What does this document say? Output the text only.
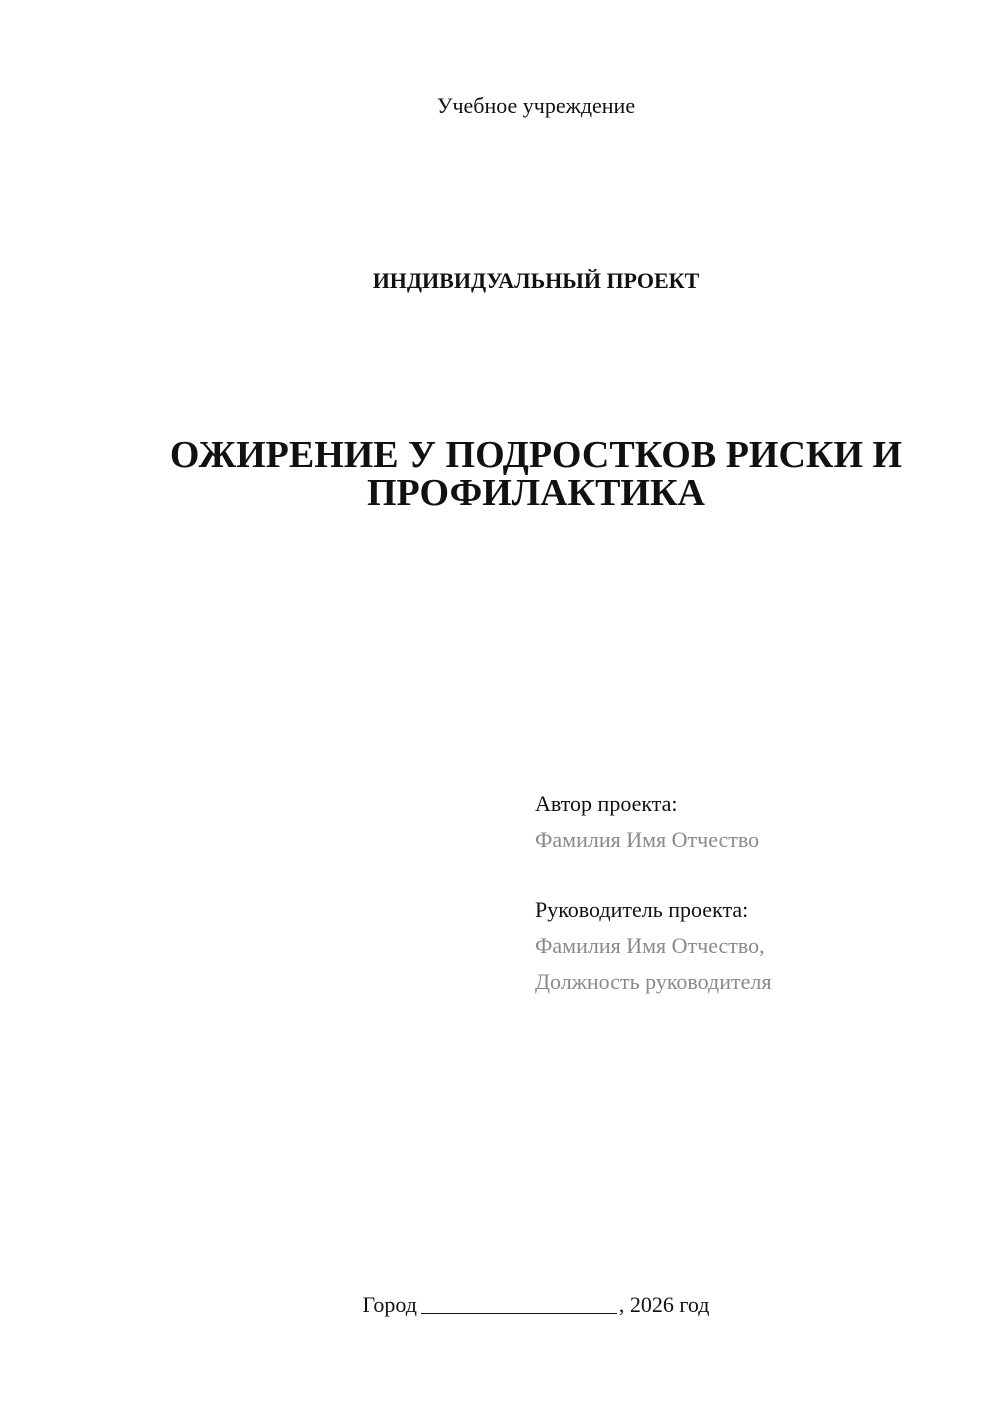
Учебное учреждение
ИНДИВИДУАЛЬНЫЙ ПРОЕКТ
ОЖИРЕНИЕ У ПОДРОСТКОВ РИСКИ И
ПРОФИЛАКТИКА
Автор проекта:
Фамилия Имя Отчество
Руководитель проекта:
Фамилия Имя Отчество,
Должность руководителя
Город	, 2026 год
